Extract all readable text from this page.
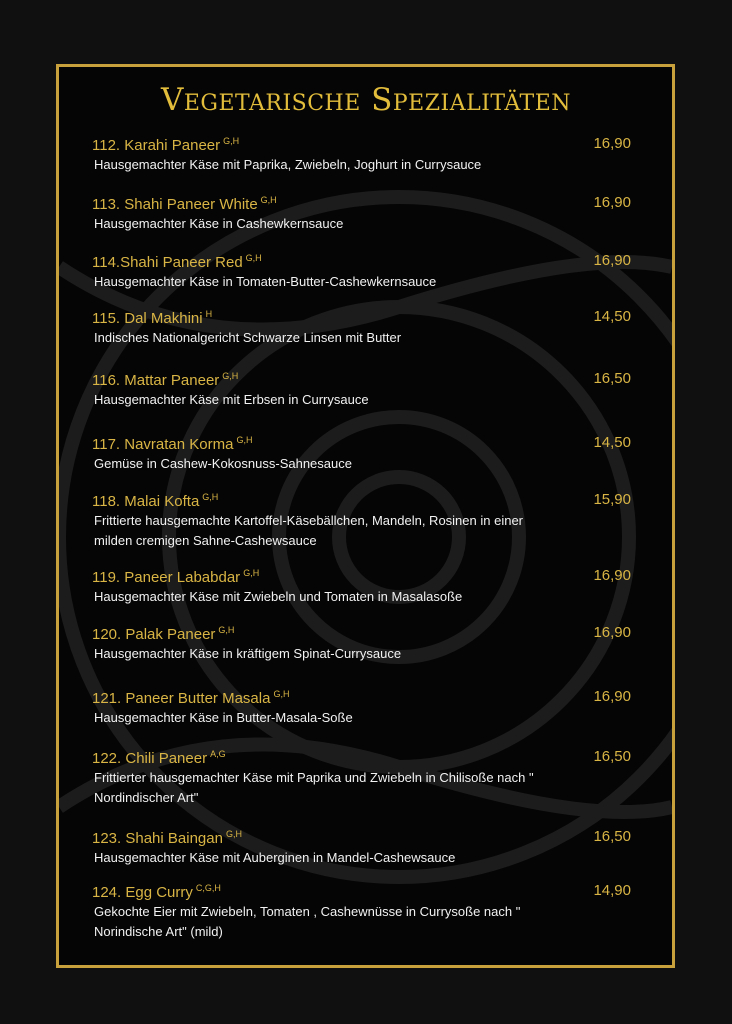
Vegetarische Spezialitäten
112. Karahi Paneer $^{G,H}$
Hausgemachter Käse mit Paprika, Zwiebeln, Joghurt in Currysauce
16,90
113. Shahi Paneer White $^{G,H}$
Hausgemachter Käse in Cashewkernsauce
16,90
114.Shahi Paneer Red $^{G,H}$
Hausgemachter Käse in Tomaten-Butter-Cashewkernsauce
16,90
115. Dal Makhini $^H$
Indisches Nationalgericht Schwarze Linsen mit Butter
14,50
116. Mattar Paneer $^{G,H}$
Hausgemachter Käse mit Erbsen in Currysauce
16,50
117. Navratan Korma $^{G,H}$
Gemüse in Cashew-Kokosnuss-Sahnesauce
14,50
118. Malai Kofta $^{G,H}$
Frittierte hausgemachte Kartoffel-Käsebällchen, Mandeln, Rosinen in einer milden cremigen Sahne-Cashewsauce
15,90
119. Paneer Lababdar $^{G,H}$
Hausgemachter Käse mit Zwiebeln und Tomaten in Masalasoße
16,90
120. Palak Paneer $^{G,H}$
Hausgemachter Käse in kräftigem Spinat-Currysauce
16,90
121. Paneer Butter Masala $^{G,H}$
Hausgemachter Käse in Butter-Masala-Soße
16,90
122. Chili Paneer $^{A,G}$
Frittierter hausgemachter Käse mit Paprika und Zwiebeln in Chilisoße nach " Nordindischer Art"
16,50
123. Shahi Baingan $^{G,H}$
Hausgemachter Käse mit Auberginen in Mandel-Cashewsauce
16,50
124. Egg Curry $^{C,G,H}$
Gekochte Eier mit Zwiebeln, Tomaten , Cashewnüsse in Currysoße nach " Norindische Art" (mild)
14,90
